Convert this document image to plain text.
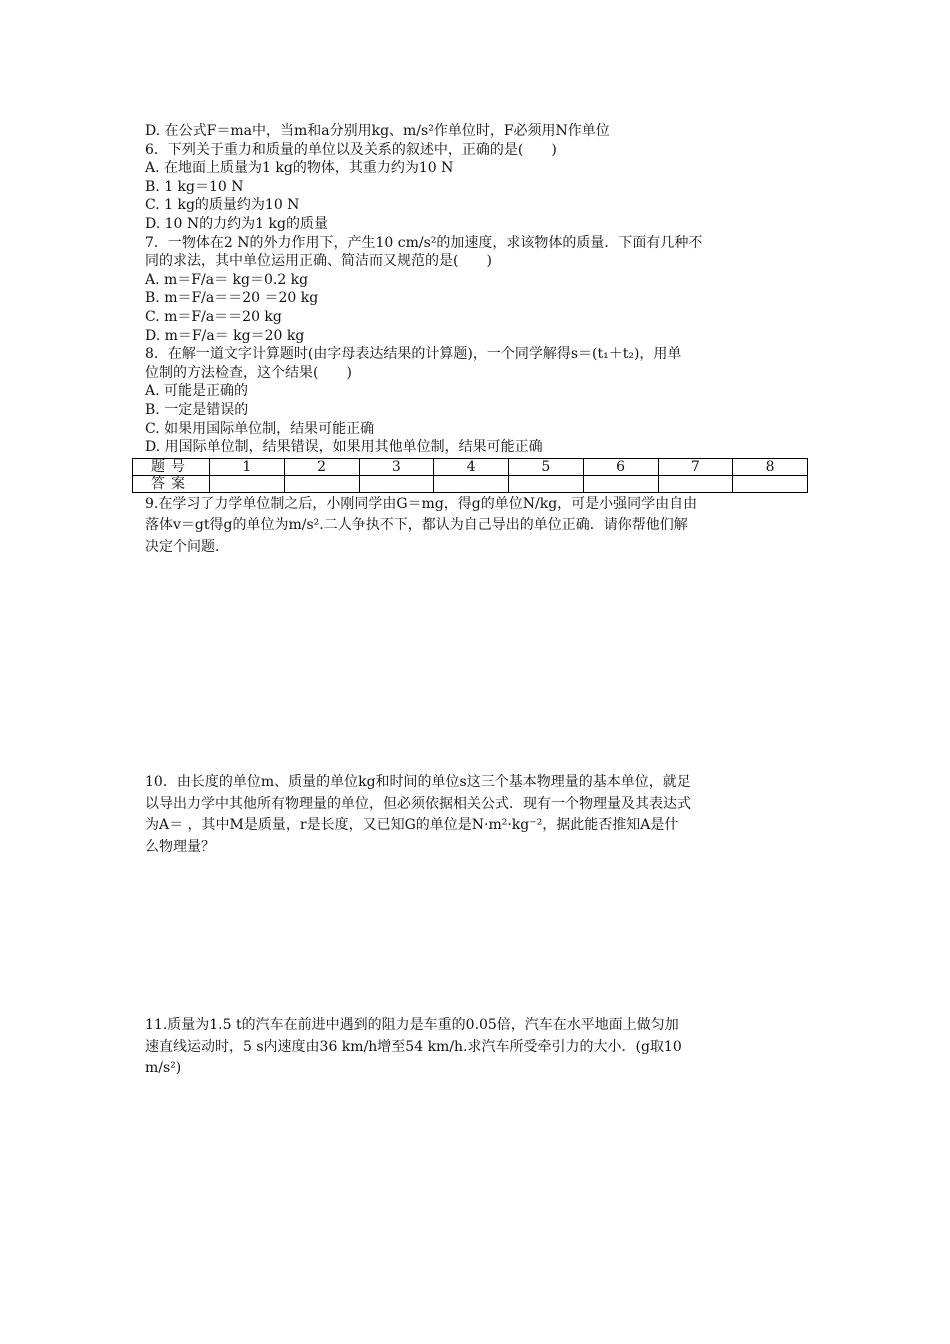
D. 在公式F＝ma中，当m和a分别用kg、m/s²作单位时，F必须用N作单位
6．下列关于重力和质量的单位以及关系的叙述中，正确的是(　　)
A. 在地面上质量为1 kg的物体，其重力约为10 N
B. 1 kg＝10 N
C. 1 kg的质量约为10 N
D. 10 N的力约为1 kg的质量
7．一物体在2 N的外力作用下，产生10 cm/s²的加速度，求该物体的质量．下面有几种不
同的求法，其中单位运用正确、简洁而又规范的是(　　)
A. m＝F/a＝ kg＝0.2 kg
B. m＝F/a＝＝20 ＝20 kg
C. m＝F/a＝＝20 kg
D. m＝F/a＝ kg＝20 kg
8．在解一道文字计算题时(由字母表达结果的计算题)，一个同学解得s＝(t₁＋t₂)，用单
位制的方法检查，这个结果(　　)
A. 可能是正确的
B. 一定是错误的
C. 如果用国际单位制，结果可能正确
D. 用国际单位制，结果错误，如果用其他单位制，结果可能正确
题号	1	2	3	4	5	6	7	8
答案								
9.在学习了力学单位制之后，小刚同学由G＝mg，得g的单位N/kg，可是小强同学由自由
落体v＝gt得g的单位为m/s².二人争执不下，都认为自己导出的单位正确．请你帮他们解
决定个问题．
10．由长度的单位m、质量的单位kg和时间的单位s这三个基本物理量的基本单位，就足
以导出力学中其他所有物理量的单位，但必须依据相关公式．现有一个物理量及其表达式
为A＝ ，其中M是质量，r是长度，又已知G的单位是N·m²·kg⁻²，据此能否推知A是什
么物理量？
11.质量为1.5 t的汽车在前进中遇到的阻力是车重的0.05倍，汽车在水平地面上做匀加
速直线运动时，5 s内速度由36 km/h增至54 km/h.求汽车所受牵引力的大小．(g取10
m/s²)
